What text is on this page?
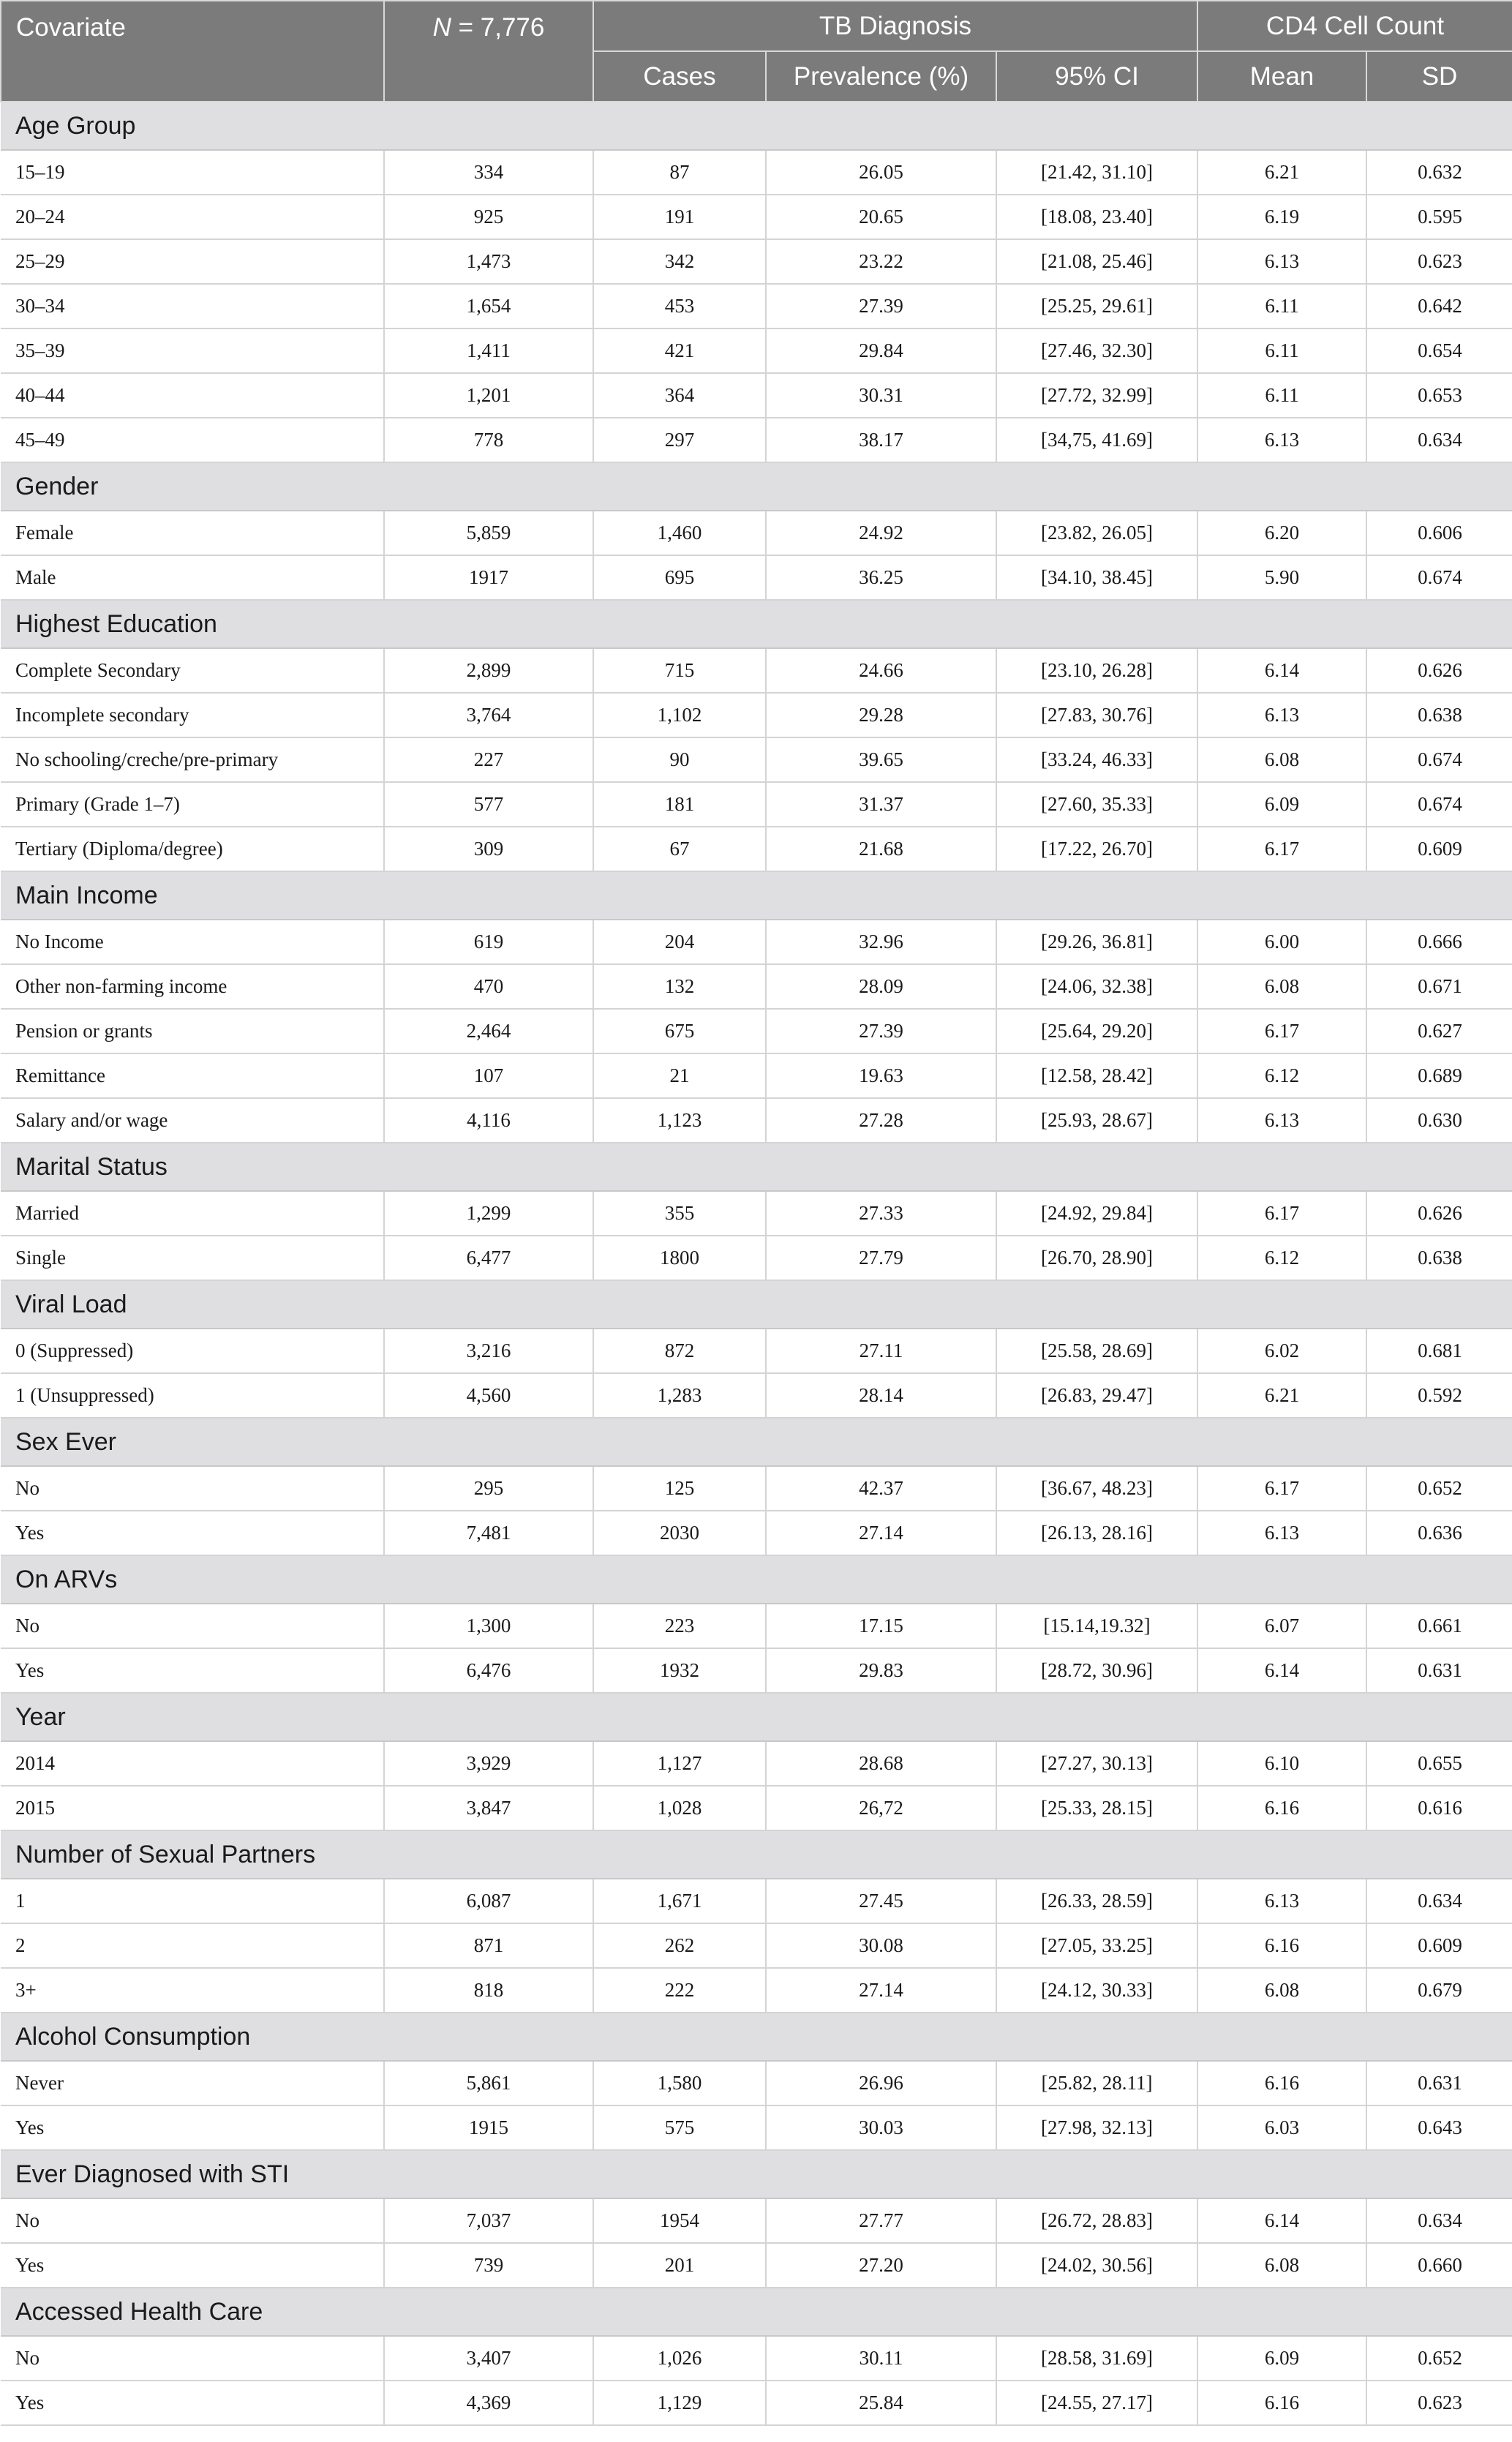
Covariate	N = 7,776	TB Diagnosis			CD4 Cell Count	
		Cases	Prevalence (%)	95% CI	Mean	SD
Age Group						
15–19	334	87	26.05	[21.42, 31.10]	6.21	0.632
20–24	925	191	20.65	[18.08, 23.40]	6.19	0.595
25–29	1,473	342	23.22	[21.08, 25.46]	6.13	0.623
30–34	1,654	453	27.39	[25.25, 29.61]	6.11	0.642
35–39	1,411	421	29.84	[27.46, 32.30]	6.11	0.654
40–44	1,201	364	30.31	[27.72, 32.99]	6.11	0.653
45–49	778	297	38.17	[34,75, 41.69]	6.13	0.634
Gender						
Female	5,859	1,460	24.92	[23.82, 26.05]	6.20	0.606
Male	1917	695	36.25	[34.10, 38.45]	5.90	0.674
Highest Education						
Complete Secondary	2,899	715	24.66	[23.10, 26.28]	6.14	0.626
Incomplete secondary	3,764	1,102	29.28	[27.83, 30.76]	6.13	0.638
No schooling/creche/pre-primary	227	90	39.65	[33.24, 46.33]	6.08	0.674
Primary (Grade 1–7)	577	181	31.37	[27.60, 35.33]	6.09	0.674
Tertiary (Diploma/degree)	309	67	21.68	[17.22, 26.70]	6.17	0.609
Main Income						
No Income	619	204	32.96	[29.26, 36.81]	6.00	0.666
Other non-farming income	470	132	28.09	[24.06, 32.38]	6.08	0.671
Pension or grants	2,464	675	27.39	[25.64, 29.20]	6.17	0.627
Remittance	107	21	19.63	[12.58, 28.42]	6.12	0.689
Salary and/or wage	4,116	1,123	27.28	[25.93, 28.67]	6.13	0.630
Marital Status						
Married	1,299	355	27.33	[24.92, 29.84]	6.17	0.626
Single	6,477	1800	27.79	[26.70, 28.90]	6.12	0.638
Viral Load						
0 (Suppressed)	3,216	872	27.11	[25.58, 28.69]	6.02	0.681
1 (Unsuppressed)	4,560	1,283	28.14	[26.83, 29.47]	6.21	0.592
Sex Ever						
No	295	125	42.37	[36.67, 48.23]	6.17	0.652
Yes	7,481	2030	27.14	[26.13, 28.16]	6.13	0.636
On ARVs						
No	1,300	223	17.15	[15.14,19.32]	6.07	0.661
Yes	6,476	1932	29.83	[28.72, 30.96]	6.14	0.631
Year						
2014	3,929	1,127	28.68	[27.27, 30.13]	6.10	0.655
2015	3,847	1,028	26,72	[25.33, 28.15]	6.16	0.616
Number of Sexual Partners						
1	6,087	1,671	27.45	[26.33, 28.59]	6.13	0.634
2	871	262	30.08	[27.05, 33.25]	6.16	0.609
3+	818	222	27.14	[24.12, 30.33]	6.08	0.679
Alcohol Consumption						
Never	5,861	1,580	26.96	[25.82, 28.11]	6.16	0.631
Yes	1915	575	30.03	[27.98, 32.13]	6.03	0.643
Ever Diagnosed with STI						
No	7,037	1954	27.77	[26.72, 28.83]	6.14	0.634
Yes	739	201	27.20	[24.02, 30.56]	6.08	0.660
Accessed Health Care						
No	3,407	1,026	30.11	[28.58, 31.69]	6.09	0.652
Yes	4,369	1,129	25.84	[24.55, 27.17]	6.16	0.623
